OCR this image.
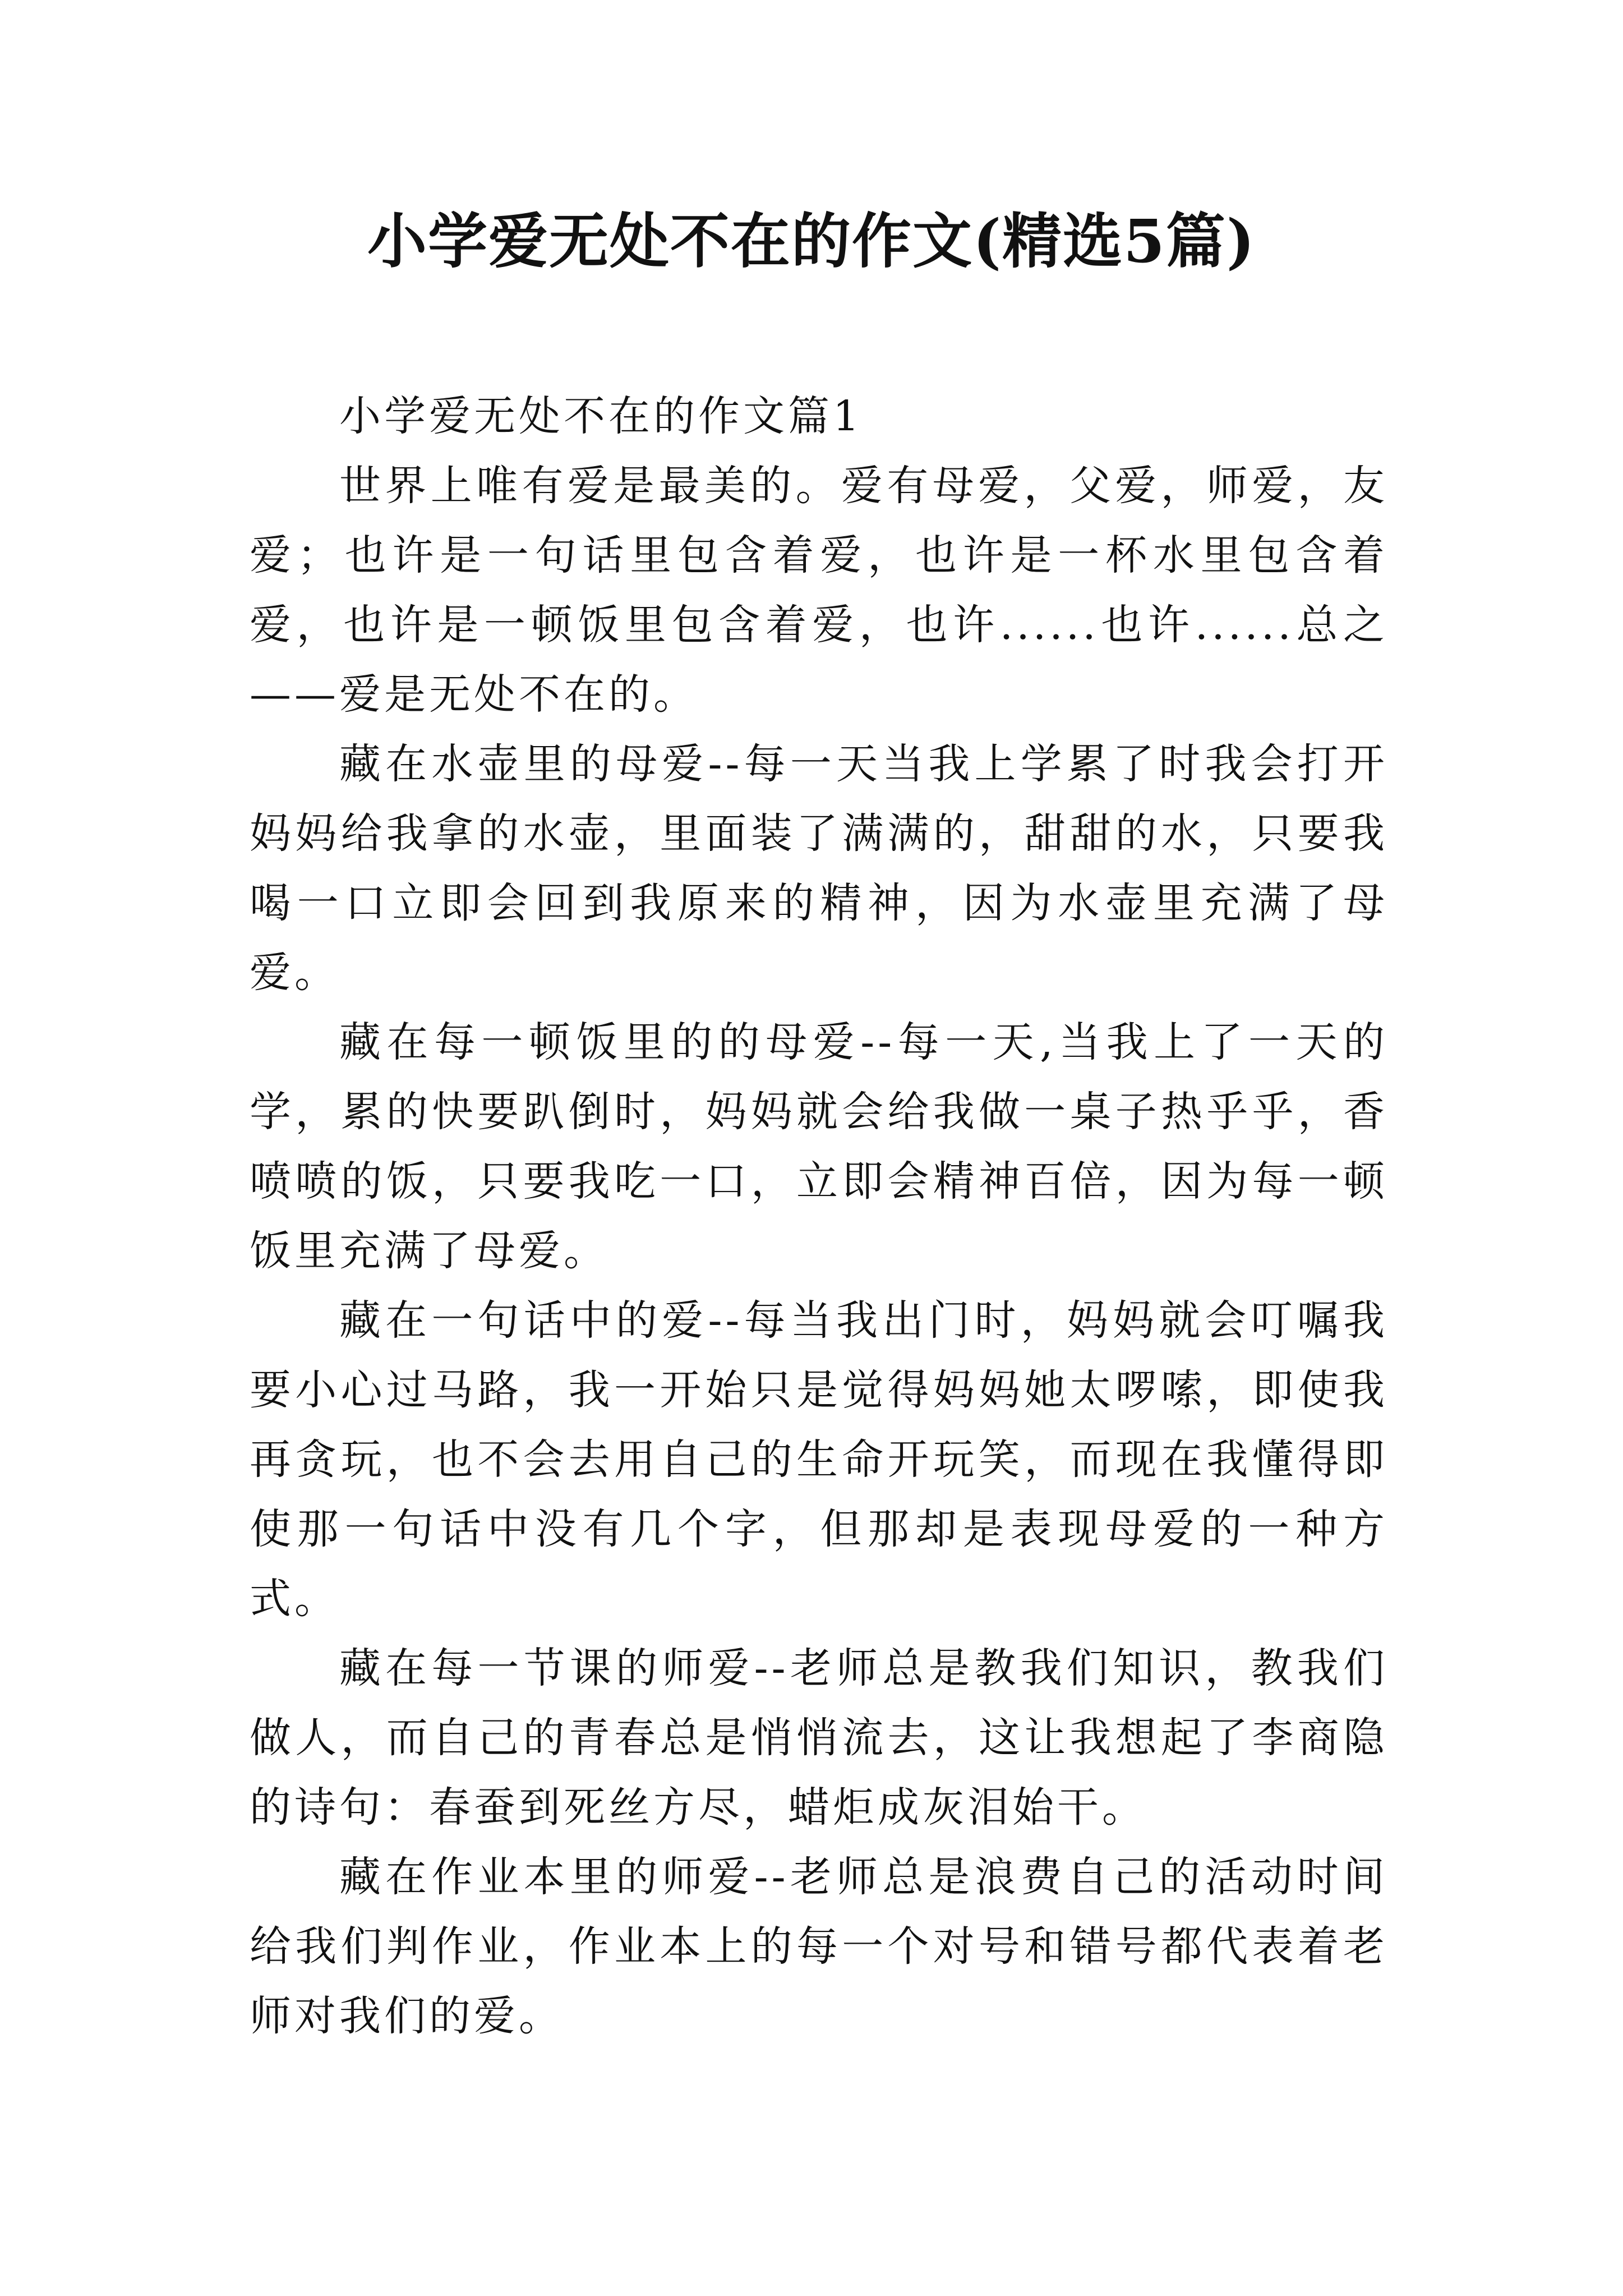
小学爱无处不在的作文(精选5篇)

小学爱无处不在的作文篇1

世界上唯有爱是最美的。爱有母爱，父爱，师爱，友爱；也许是一句话里包含着爱，也许是一杯水里包含着爱，也许是一顿饭里包含着爱，也许......也许......总之——爱是无处不在的。

藏在水壶里的母爱--每一天当我上学累了时我会打开妈妈给我拿的水壶，里面装了满满的，甜甜的水，只要我喝一口立即会回到我原来的精神，因为水壶里充满了母爱。

藏在每一顿饭里的的母爱--每一天,当我上了一天的学，累的快要趴倒时，妈妈就会给我做一桌子热乎乎，香喷喷的饭，只要我吃一口，立即会精神百倍，因为每一顿饭里充满了母爱。

藏在一句话中的爱--每当我出门时，妈妈就会叮嘱我要小心过马路，我一开始只是觉得妈妈她太啰嗦，即使我再贪玩，也不会去用自己的生命开玩笑，而现在我懂得即使那一句话中没有几个字，但那却是表现母爱的一种方式。

藏在每一节课的师爱--老师总是教我们知识，教我们做人，而自己的青春总是悄悄流去，这让我想起了李商隐的诗句：春蚕到死丝方尽，蜡炬成灰泪始干。

藏在作业本里的师爱--老师总是浪费自己的活动时间给我们判作业，作业本上的每一个对号和错号都代表着老师对我们的爱。
